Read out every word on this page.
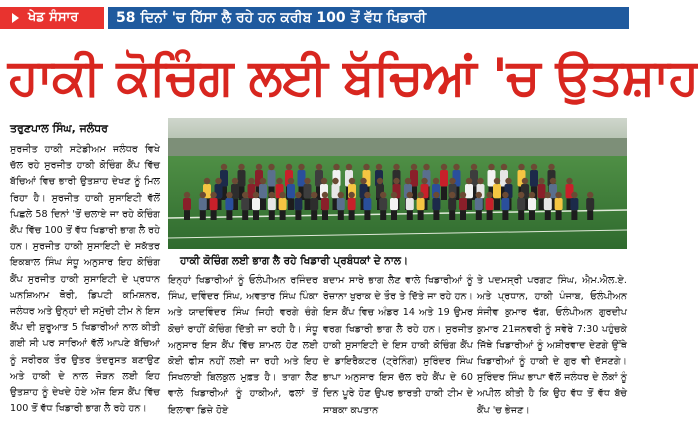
ਖੇਡ ਸੰਸਾਰ	58 ਦਿਨਾਂ 'ਚ ਹਿੱਸਾ ਲੈ ਰਹੇ ਹਨ ਕਰੀਬ 100 ਤੋਂ ਵੱਧ ਖਿਡਾਰੀ
ਹਾਕੀ ਕੋਚਿੰਗ ਲਈ ਬੱਚਿਆਂ 'ਚ ਉਤਸ਼ਾਹ
ਤਰੁਣਪਾਲ ਸਿੰਘ, ਜਲੰਧਰ
ਸੁਰਜੀਤ ਹਾਕੀ ਸਟੇਡੀਅਮ ਜਲੰਧਰ ਵਿਖੇ ਚੱਲ ਰਹੇ ਸੁਰਜੀਤ ਹਾਕੀ ਕੋਚਿੰਗ ਕੈਂਪ ਵਿੱਚ ਬੱਚਿਆਂ ਵਿਚ ਭਾਰੀ ਉਤਸ਼ਾਹ ਦੇਖਣ ਨੂੰ ਮਿਲ ਰਿਹਾ ਹੈ। ਸੁਰਜੀਤ ਹਾਕੀ ਸੁਸਾਇਟੀ ਵੱਲੋਂ ਪਿਛਲੇ 58 ਦਿਨਾਂ 'ਤੋਂ ਚਲਾਏ ਜਾ ਰਹੇ ਕੋਚਿੰਗ ਕੈਂਪ ਵਿੱਚ 100 ਤੋਂ ਵੱਧ ਖਿਡਾਰੀ ਭਾਗ ਲੈ ਰਹੇ ਹਨ। ਸੁਰਜੀਤ ਹਾਕੀ ਸੁਸਾਇਟੀ ਦੇ ਸਕੱਤਰ ਇਕਬਾਲ ਸਿੰਘ ਸੰਧੂ ਅਨੁਸਾਰ ਇਹ ਕੋਚਿੰਗ ਕੈਂਪ ਸੁਰਜੀਤ ਹਾਕੀ ਸੁਸਾਇਟੀ ਦੇ ਪ੍ਰਧਾਨ ਘਨਸ਼ਿਆਮ ਥੋਰੀ, ਡਿਪਟੀ ਕਮਿਸ਼ਨਰ, ਜਲੰਧਰ ਅਤੇ ਉਨ੍ਹਾਂ ਦੀ ਸਮੁੱਚੀ ਟੀਮ ਨੇ ਇਸ ਕੈਂਪ ਦੀ ਸ਼ੁਰੂਆਤ 5 ਖਿਡਾਰੀਆਂ ਨਾਲ ਕੀਤੀ ਗਈ ਸੀ ਪਰ ਸਾਰਿਆਂ ਵੱਲੋਂ ਆਪਣੇ ਬੱਚਿਆਂ ਨੂੰ ਸਰੀਰਕ ਤੌਰ ਉਤਰ ਤੰਦਰੁਸਤ ਬਣਾਉਣ ਅਤੇ ਹਾਕੀ ਦੇ ਨਾਲ ਜੋੜਨ ਲਈ ਇਹ ਉਤਸ਼ਾਹ ਨੂੰ ਦੇਖਦੇ ਹੋਏ ਅੱਜ ਇਸ ਕੈਂਪ ਵਿੱਚ 100 ਤੋਂ ਵੱਧ ਖਿਡਾਰੀ ਭਾਗ ਲੈ ਰਹੇ ਹਨ।
ਹਾਕੀ ਕੋਚਿੰਗ ਲਈ ਭਾਗ ਲੈ ਰਹੇ ਖਿਡਾਰੀ ਪ੍ਰਬੰਧਕਾਂ ਦੇ ਨਾਲ।
ਇਨ੍ਹਾਂ ਖਿਡਾਰੀਆਂ ਨੂੰ ਓਲੰਪੀਅਨ ਰਜਿੰਦਰ ਸਿੰਘ, ਦਵਿੰਦਰ ਸਿੰਘ, ਅਵਤਾਰ ਸਿੰਘ ਪਿੰਕਾ ਅਤੇ ਯਾਦਵਿੰਦਰ ਸਿੰਘ ਜਿਹੀ ਵਰਗੇ ਚੰਗੇ ਕੋਚਾਂ ਰਾਹੀਂ ਕੋਚਿੰਗ ਦਿੱਤੀ ਜਾ ਰਹੀ ਹੈ। ਸੰਧੂ ਅਨੁਸਾਰ ਇਸ ਕੈਂਪ ਵਿੱਚ ਸ਼ਾਮਲ ਹੋਣ ਲਈ ਕੋਈ ਫੀਸ ਨਹੀਂ ਲਈ ਜਾ ਰਹੀ ਅਤੇ ਇਹ ਸਿਖਲਾਈ ਬਿਲਕੁਲ ਮੁਫ਼ਤ ਹੈ। ਤਾਗਾ ਲੈਣ ਵਾਲੇ ਖਿਡਾਰੀਆਂ ਨੂੰ ਹਾਕੀਆਂ, ਫਲਾਂ ਤੋਂ ਇਲਾਵਾ ਡਿਜ਼ੇ ਹੋਏ
ਬਦਾਮ ਸਾਰੇ ਭਾਗ ਲੈਣ ਵਾਲੇ ਖਿਡਾਰੀਆਂ ਨੂੰ ਰੋਜ਼ਾਨਾ ਖੁਰਾਕ ਦੇ ਤੌਰ ਤੇ ਦਿੱਤੇ ਜਾ ਰਹੇ ਹਨ। ਇਸ ਕੈਂਪ ਵਿਚ ਅੰਡਰ 14 ਅਤੇ 19 ਉਮਰ ਵਰਗ ਖਿਡਾਰੀ ਭਾਗ ਲੈ ਰਹੇ ਹਨ। ਸੁਰਜੀਤ ਹਾਕੀ ਸੁਸਾਇਟੀ ਦੇ ਇਸ ਹਾਕੀ ਕੋਚਿੰਗ ਕੈਂਪ ਦੇ ਡਾਇਰੈਕਟਰ (ਟ੍ਰੇਨਿੰਗ) ਸੁਰਿੰਦਰ ਸਿੰਘ ਭਾਪਾ ਅਨੁਸਾਰ ਇਸ ਚੱਲ ਰਹੇ ਕੈਂਪ ਦੇ 60 ਦਿਨ ਪੂਰੇ ਹੋਣ ਉਪਰ ਭਾਰਤੀ ਹਾਕੀ ਟੀਮ ਦੇ ਸਾਬਕਾ ਕਪਤਾਨ
ਤੇ ਪਦਮਸ੍ਰੀ ਪਰਗਟ ਸਿੰਘ, ਐਮ.ਐਲ.ਏ. ਅਤੇ ਪ੍ਰਧਾਨ, ਹਾਕੀ ਪੰਜਾਬ, ਓਲੰਪੀਅਨ ਸੰਜੀਵ ਕੁਮਾਰ ਢੱਗ, ਓਲੰਪੀਅਨ ਗੁਰਦੀਪ ਕੁਮਾਰ 21ਜਨਵਰੀ ਨੂੰ ਸਵੇਰੇ 7:30 ਪਹੁੰਚਕੇ ਜਿੱਥੇ ਖਿਡਾਰੀਆਂ ਨੂੰ ਅਸ਼ੀਰਵਾਦ ਦੇਣਗੇ ਉੱਥੇ ਖਿਡਾਰੀਆਂ ਨੂੰ ਹਾਕੀ ਦੇ ਗੁਰ ਵੀ ਦੱਸਣਗੇ। ਸੁਰਿੰਦਰ ਸਿੰਘ ਭਾਪਾ ਵੱਲੋਂ ਜਲੰਧਰ ਦੇ ਲੋਕਾਂ ਨੂੰ ਅਪੀਲ ਕੀਤੀ ਹੈ ਕਿ ਉਹ ਵੱਧ ਤੋਂ ਵੱਧ ਬੱਚੇ ਕੈਂਪ 'ਚ ਭੇਜਣ।
